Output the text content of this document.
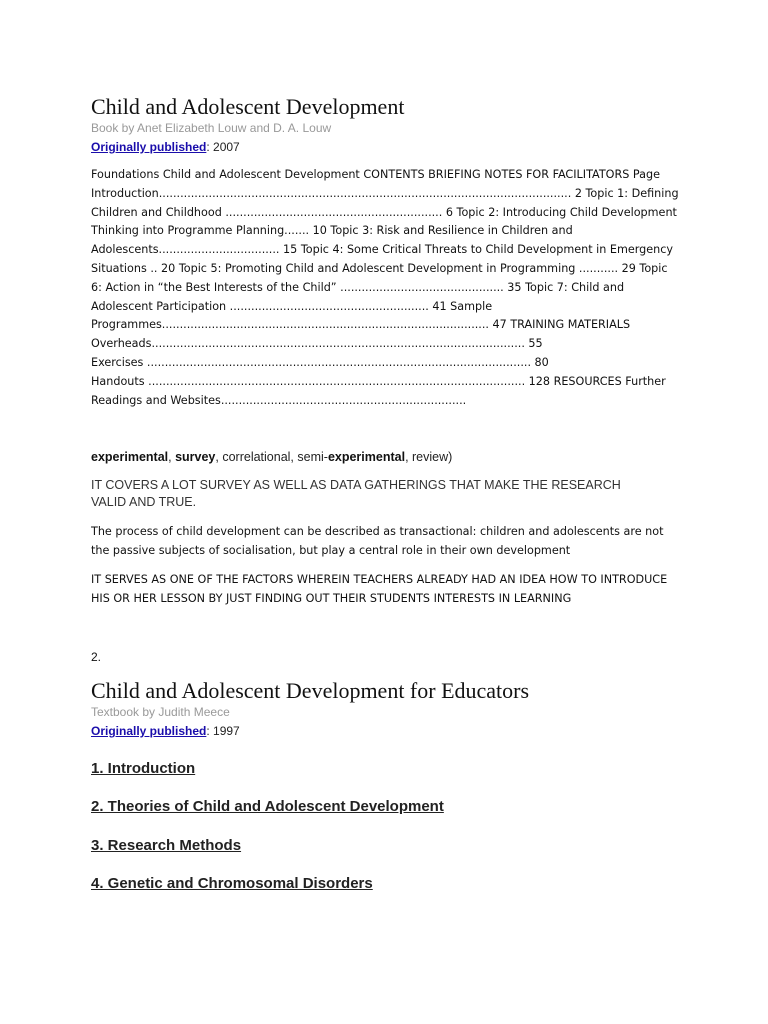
Child and Adolescent Development
Book by Anet Elizabeth Louw and D. A. Louw
Originally published: 2007
Foundations Child and Adolescent Development CONTENTS BRIEFING NOTES FOR FACILITATORS Page
Introduction.................................................................................................................... 2 Topic 1: Defining
Children and Childhood ............................................................. 6 Topic 2: Introducing Child Development
Thinking into Programme Planning....... 10 Topic 3: Risk and Resilience in Children and
Adolescents.................................. 15 Topic 4: Some Critical Threats to Child Development in Emergency
Situations .. 20 Topic 5: Promoting Child and Adolescent Development in Programming ........... 29 Topic
6: Action in “the Best Interests of the Child” .............................................. 35 Topic 7: Child and
Adolescent Participation ........................................................ 41 Sample
Programmes............................................................................................ 47 TRAINING MATERIALS
Overheads......................................................................................................... 55
Exercises ............................................................................................................ 80
Handouts .......................................................................................................... 128 RESOURCES Further
Readings and Websites.....................................................................
experimental, survey, correlational, semi-experimental, review)
IT COVERS A LOT SURVEY AS WELL AS DATA GATHERINGS THAT MAKE THE RESEARCH VALID AND TRUE.
The process of child development can be described as transactional: children and adolescents are not
the passive subjects of socialisation, but play a central role in their own development
IT SERVES AS ONE OF THE FACTORS WHEREIN TEACHERS ALREADY HAD AN IDEA HOW TO INTRODUCE
HIS OR HER LESSON BY JUST FINDING OUT THEIR STUDENTS INTERESTS IN LEARNING
2.
Child and Adolescent Development for Educators
Textbook by Judith Meece
Originally published: 1997
1. Introduction
2. Theories of Child and Adolescent Development
3. Research Methods
4. Genetic and Chromosomal Disorders
